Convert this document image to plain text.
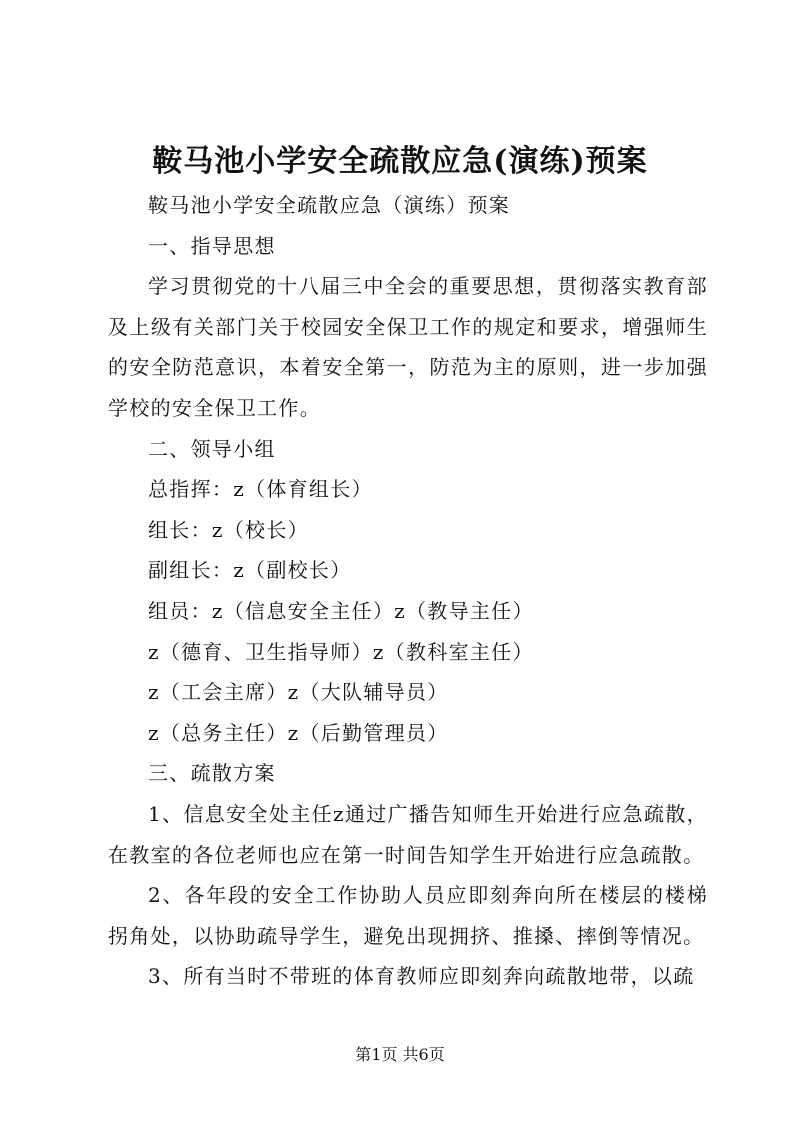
鞍马池小学安全疏散应急(演练)预案

鞍马池小学安全疏散应急（演练）预案

一、指导思想

学习贯彻党的十八届三中全会的重要思想，贯彻落实教育部及上级有关部门关于校园安全保卫工作的规定和要求，增强师生的安全防范意识，本着安全第一，防范为主的原则，进一步加强学校的安全保卫工作。

二、领导小组

总指挥：z（体育组长）

组长：z（校长）

副组长：z（副校长）

组员：z（信息安全主任）z（教导主任）

z（德育、卫生指导师）z（教科室主任）

z（工会主席）z（大队辅导员）

z（总务主任）z（后勤管理员）

三、疏散方案

1、信息安全处主任z通过广播告知师生开始进行应急疏散，在教室的各位老师也应在第一时间告知学生开始进行应急疏散。

2、各年段的安全工作协助人员应即刻奔向所在楼层的楼梯拐角处，以协助疏导学生，避免出现拥挤、推搡、摔倒等情况。

3、所有当时不带班的体育教师应即刻奔向疏散地带，以疏

第1页 共6页
